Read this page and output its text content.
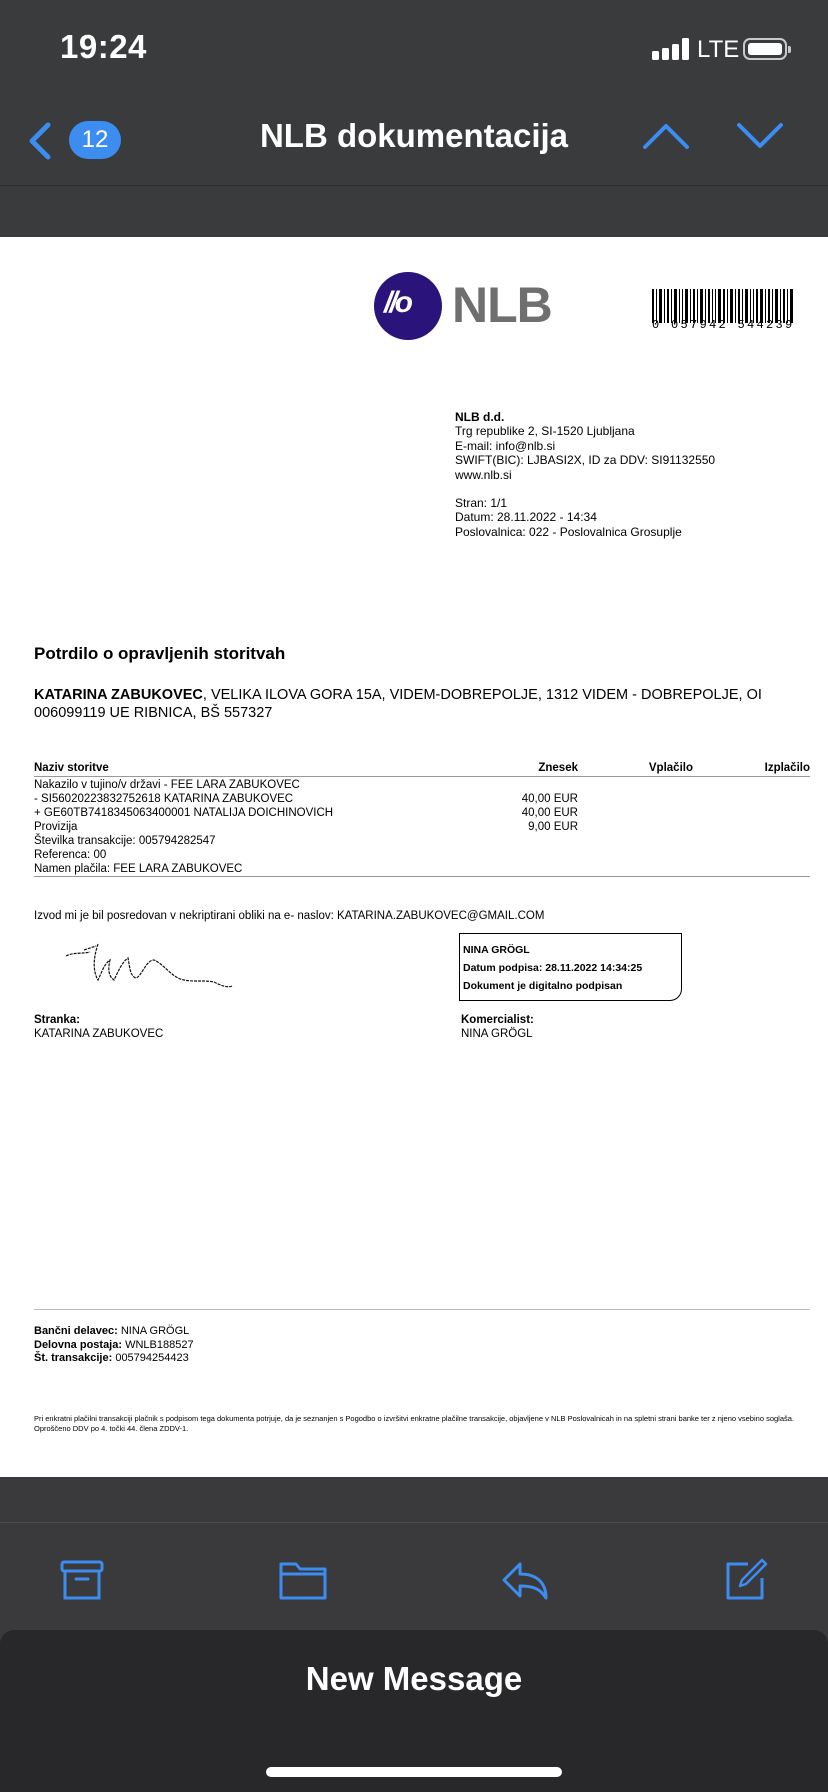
19:24	LTE
12	NLB dokumentacija
//o NLB	0 057942 544239
NLB d.d.
Trg republike 2, SI-1520 Ljubljana
E-mail: info@nlb.si
SWIFT(BIC): LJBASI2X, ID za DDV: SI91132550
www.nlb.si
Stran: 1/1
Datum: 28.11.2022 - 14:34
Poslovalnica: 022 - Poslovalnica Grosuplje
Potrdilo o opravljenih storitvah
KATARINA ZABUKOVEC, VELIKA ILOVA GORA 15A, VIDEM-DOBREPOLJE, 1312 VIDEM - DOBREPOLJE, OI 006099119 UE RIBNICA, BŠ 557327
Naziv storitve	Znesek	Vplačilo	Izplačilo
Nakazilo v tujino/v državi - FEE LARA ZABUKOVEC
- SI56020223832752618 KATARINA ZABUKOVEC	40,00 EUR
+ GE60TB7418345063400001 NATALIJA DOICHINOVICH	40,00 EUR
Provizija	9,00 EUR
Številka transakcije: 005794282547
Referenca: 00
Namen plačila: FEE LARA ZABUKOVEC
Izvod mi je bil posredovan v nekriptirani obliki na e- naslov: KATARINA.ZABUKOVEC@GMAIL.COM
NINA GRÖGL
Datum podpisa: 28.11.2022 14:34:25
Dokument je digitalno podpisan
Stranka:
KATARINA ZABUKOVEC
Komercialist:
NINA GRÖGL
Bančni delavec: NINA GRÖGL
Delovna postaja: WNLB188527
Št. transakcije: 005794254423
Pri enkratni plačilni transakciji plačnik s podpisom tega dokumenta potrjuje, da je seznanjen s Pogodbo o izvršitvi enkratne plačilne transakcije, objavljene v NLB Poslovalnicah in na spletni strani banke ter z njeno vsebino soglaša. Oproščeno DDV po 4. točki 44. člena ZDDV-1.
New Message
